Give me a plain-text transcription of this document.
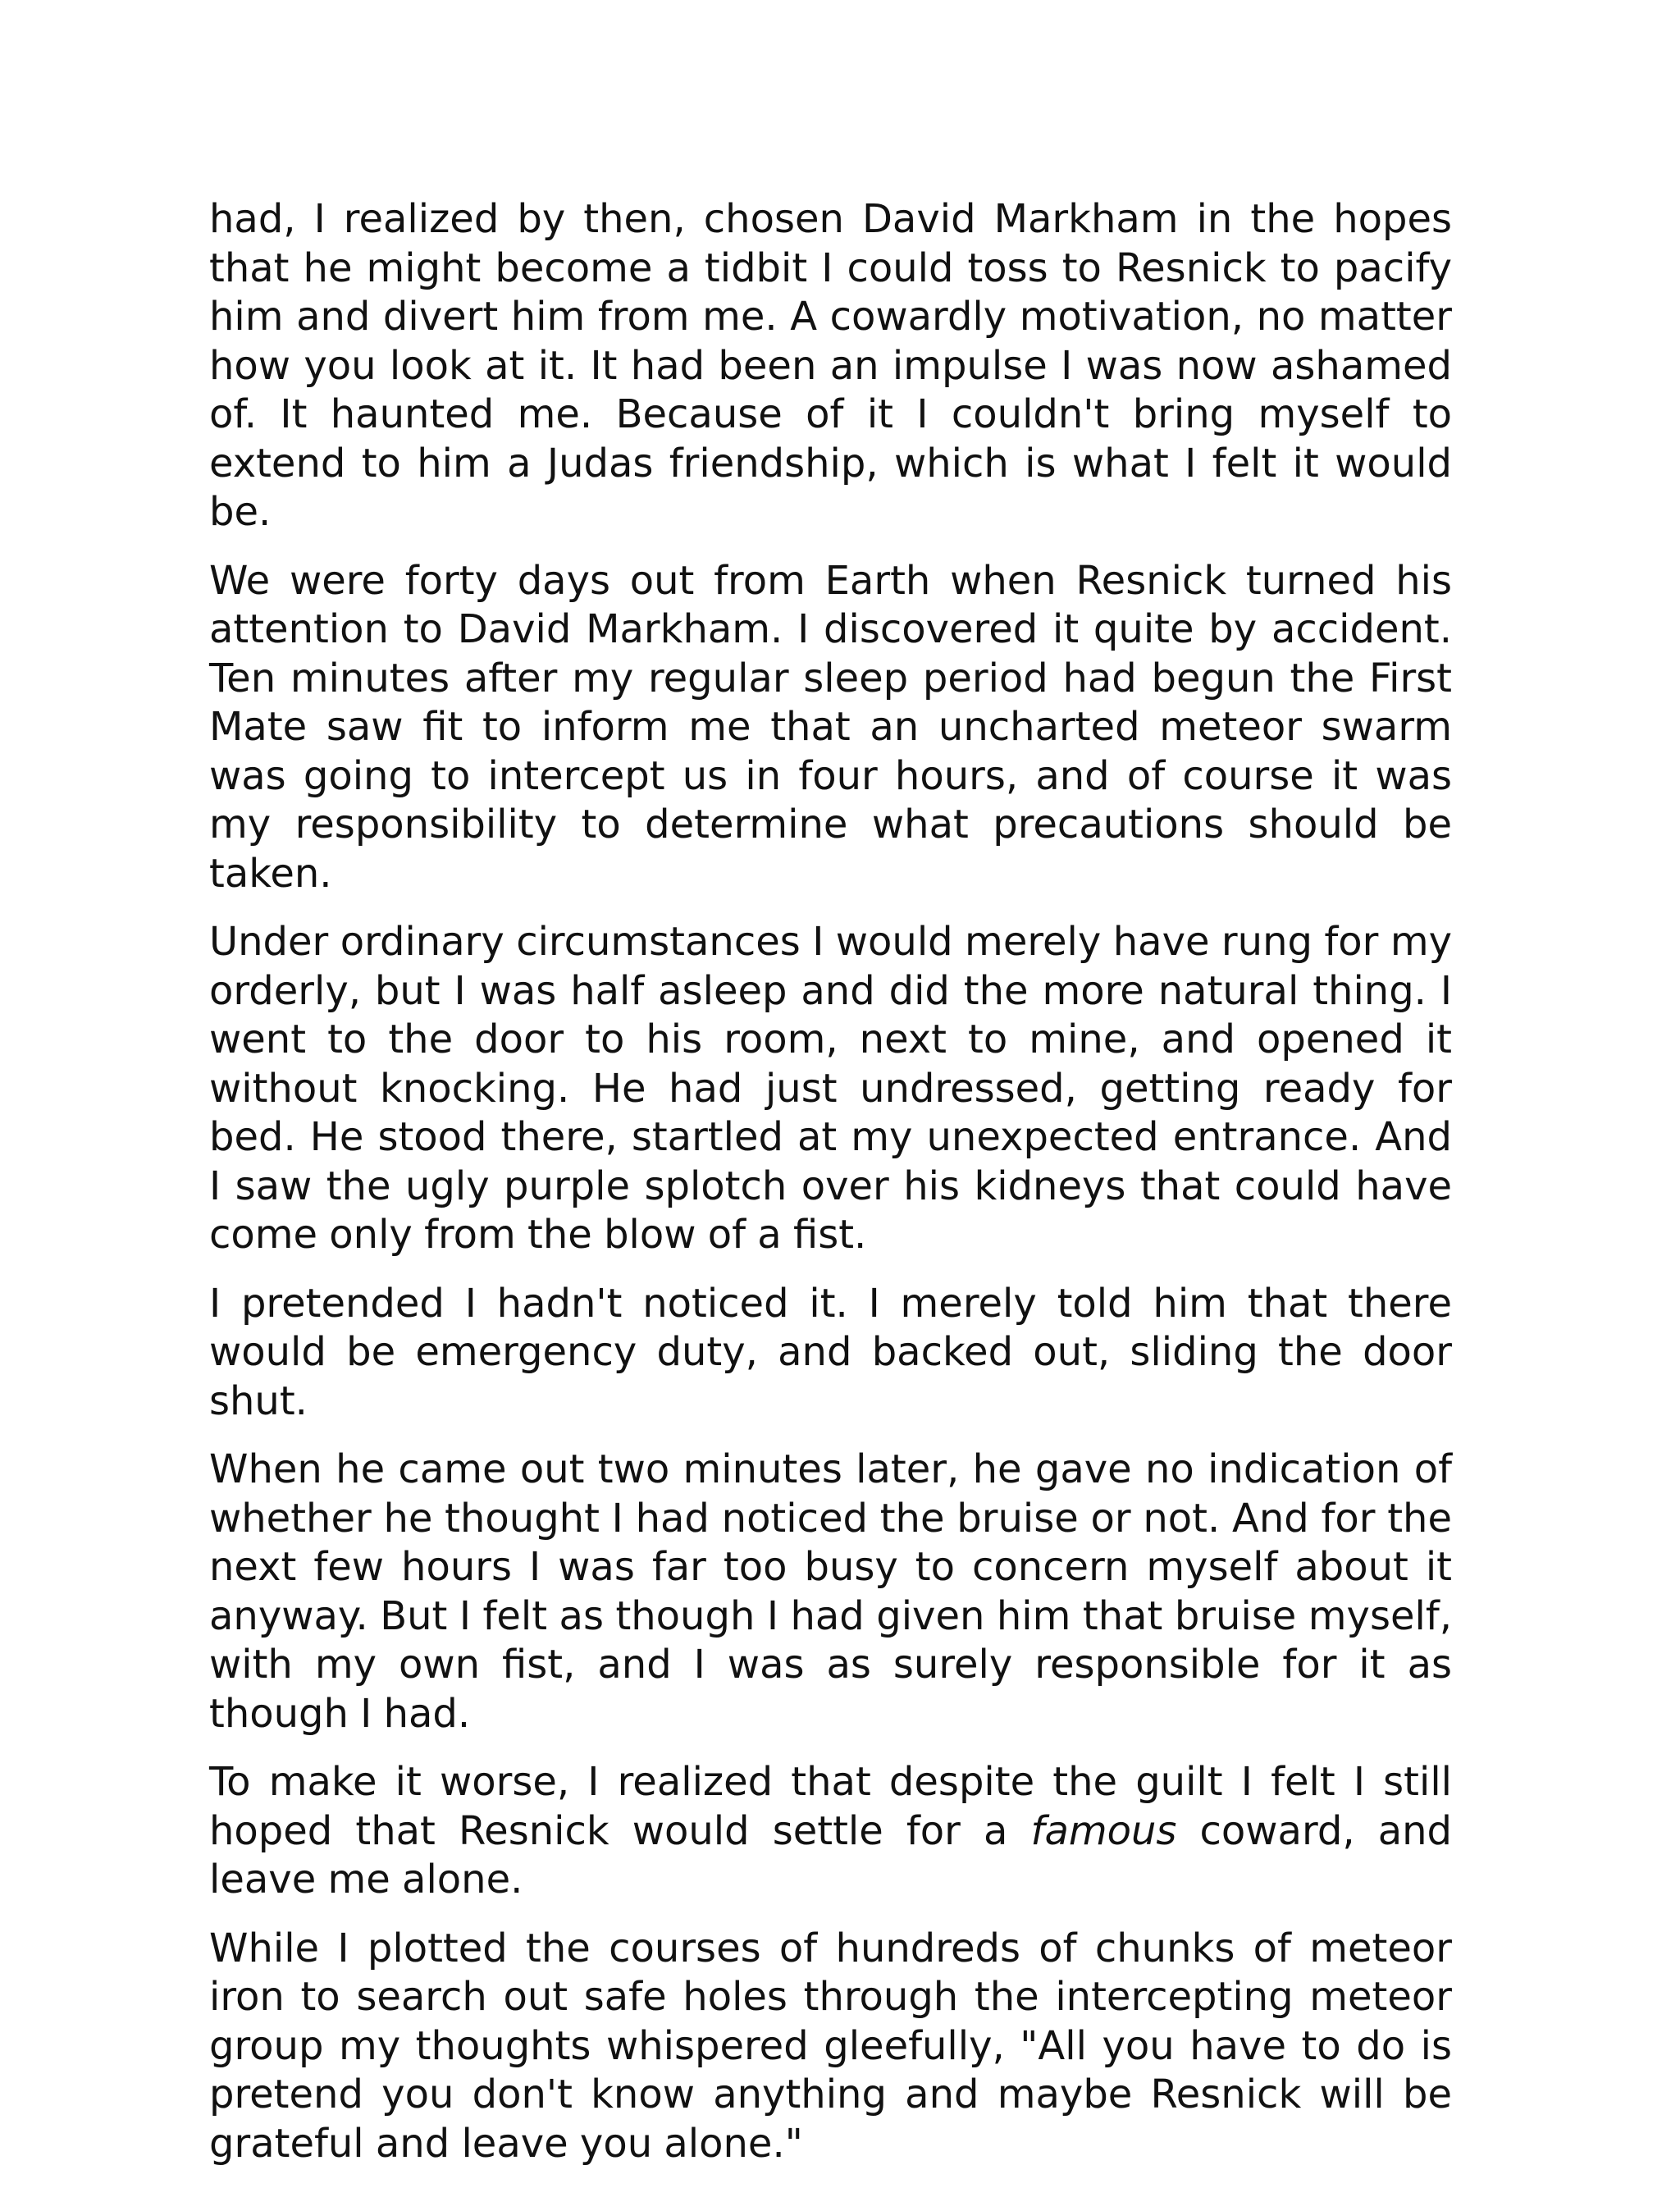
had, I realized by then, chosen David Markham in the hopes that he might become a tidbit I could toss to Resnick to pacify him and divert him from me. A cowardly motivation, no matter how you look at it. It had been an impulse I was now ashamed of. It haunted me. Because of it I couldn't bring myself to extend to him a Judas friendship, which is what I felt it would be.

We were forty days out from Earth when Resnick turned his attention to David Markham. I discovered it quite by accident. Ten minutes after my regular sleep period had begun the First Mate saw fit to inform me that an uncharted meteor swarm was going to intercept us in four hours, and of course it was my responsibility to determine what precautions should be taken.

Under ordinary circumstances I would merely have rung for my orderly, but I was half asleep and did the more natural thing. I went to the door to his room, next to mine, and opened it without knocking. He had just undressed, getting ready for bed. He stood there, startled at my unexpected entrance. And I saw the ugly purple splotch over his kidneys that could have come only from the blow of a fist.

I pretended I hadn't noticed it. I merely told him that there would be emergency duty, and backed out, sliding the door shut.

When he came out two minutes later, he gave no indication of whether he thought I had noticed the bruise or not. And for the next few hours I was far too busy to concern myself about it anyway. But I felt as though I had given him that bruise myself, with my own fist, and I was as surely responsible for it as though I had.

To make it worse, I realized that despite the guilt I felt I still hoped that Resnick would settle for a famous coward, and leave me alone.

While I plotted the courses of hundreds of chunks of meteor iron to search out safe holes through the intercepting meteor group my thoughts whispered gleefully, "All you have to do is pretend you don't know anything and maybe Resnick will be grateful and leave you alone."
